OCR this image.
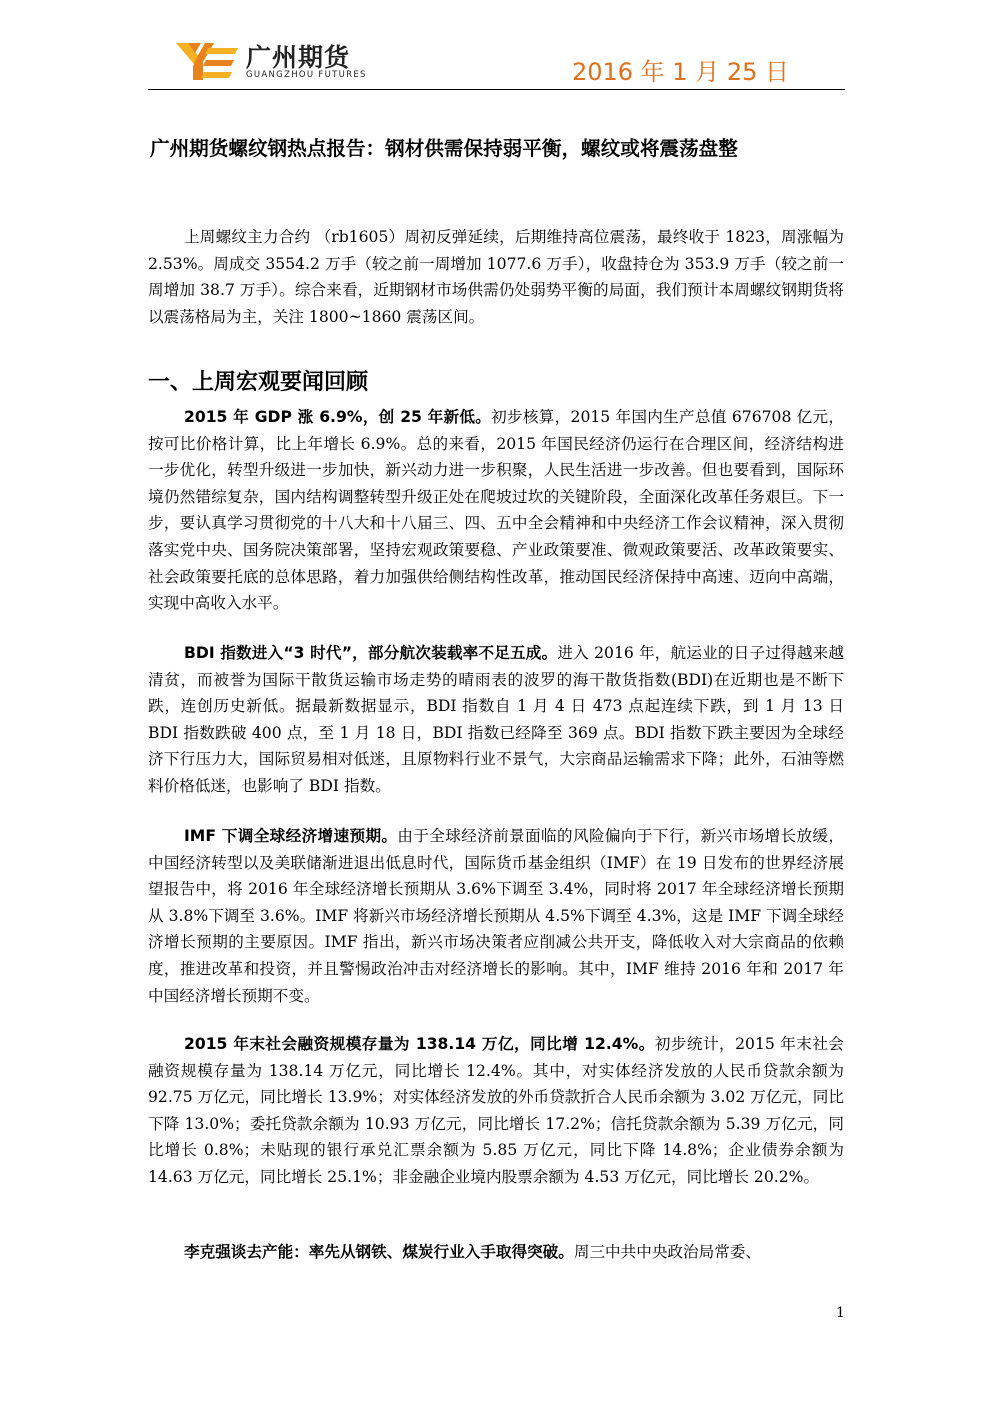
广州期货
GUANGZHOU FUTURES	2016 年 1 月 25 日
广州期货螺纹钢热点报告：钢材供需保持弱平衡，螺纹或将震荡盘整

上周螺纹主力合约 （rb1605）周初反弹延续，后期维持高位震荡，最终收于 1823，周涨幅为 2.53%。周成交 3554.2 万手（较之前一周增加 1077.6 万手），收盘持仓为 353.9 万手（较之前一周增加 38.7 万手）。综合来看，近期钢材市场供需仍处弱势平衡的局面，我们预计本周螺纹钢期货将以震荡格局为主，关注 1800~1860 震荡区间。

一、上周宏观要闻回顾

2015 年 GDP 涨 6.9%，创 25 年新低。初步核算，2015 年国内生产总值 676708 亿元，按可比价格计算，比上年增长 6.9%。总的来看，2015 年国民经济仍运行在合理区间，经济结构进一步优化，转型升级进一步加快，新兴动力进一步积聚，人民生活进一步改善。但也要看到，国际环境仍然错综复杂，国内结构调整转型升级正处在爬坡过坎的关键阶段，全面深化改革任务艰巨。下一步，要认真学习贯彻党的十八大和十八届三、四、五中全会精神和中央经济工作会议精神，深入贯彻落实党中央、国务院决策部署，坚持宏观政策要稳、产业政策要准、微观政策要活、改革政策要实、社会政策要托底的总体思路，着力加强供给侧结构性改革，推动国民经济保持中高速、迈向中高端，实现中高收入水平。

BDI 指数进入“3 时代”，部分航次装载率不足五成。进入 2016 年，航运业的日子过得越来越清贫，而被誉为国际干散货运输市场走势的晴雨表的波罗的海干散货指数(BDI)在近期也是不断下跌，连创历史新低。据最新数据显示，BDI 指数自 1 月 4 日 473 点起连续下跌，到 1 月 13 日 BDI 指数跌破 400 点，至 1 月 18 日，BDI 指数已经降至 369 点。BDI 指数下跌主要因为全球经济下行压力大，国际贸易相对低迷，且原物料行业不景气，大宗商品运输需求下降；此外，石油等燃料价格低迷，也影响了 BDI 指数。

IMF 下调全球经济增速预期。由于全球经济前景面临的风险偏向于下行，新兴市场增长放缓，中国经济转型以及美联储渐进退出低息时代，国际货币基金组织（IMF）在 19 日发布的世界经济展望报告中，将 2016 年全球经济增长预期从 3.6%下调至 3.4%，同时将 2017 年全球经济增长预期从 3.8%下调至 3.6%。IMF 将新兴市场经济增长预期从 4.5%下调至 4.3%，这是 IMF 下调全球经济增长预期的主要原因。IMF 指出，新兴市场决策者应削减公共开支，降低收入对大宗商品的依赖度，推进改革和投资，并且警惕政治冲击对经济增长的影响。其中，IMF 维持 2016 年和 2017 年中国经济增长预期不变。

2015 年末社会融资规模存量为 138.14 万亿，同比增 12.4%。初步统计，2015 年末社会融资规模存量为 138.14 万亿元，同比增长 12.4%。其中，对实体经济发放的人民币贷款余额为 92.75 万亿元，同比增长 13.9%；对实体经济发放的外币贷款折合人民币余额为 3.02 万亿元，同比下降 13.0%；委托贷款余额为 10.93 万亿元，同比增长 17.2%；信托贷款余额为 5.39 万亿元，同比增长 0.8%；未贴现的银行承兑汇票余额为 5.85 万亿元，同比下降 14.8%；企业债券余额为 14.63 万亿元，同比增长 25.1%；非金融企业境内股票余额为 4.53 万亿元，同比增长 20.2%。

李克强谈去产能：率先从钢铁、煤炭行业入手取得突破。周三中共中央政治局常委、

1
